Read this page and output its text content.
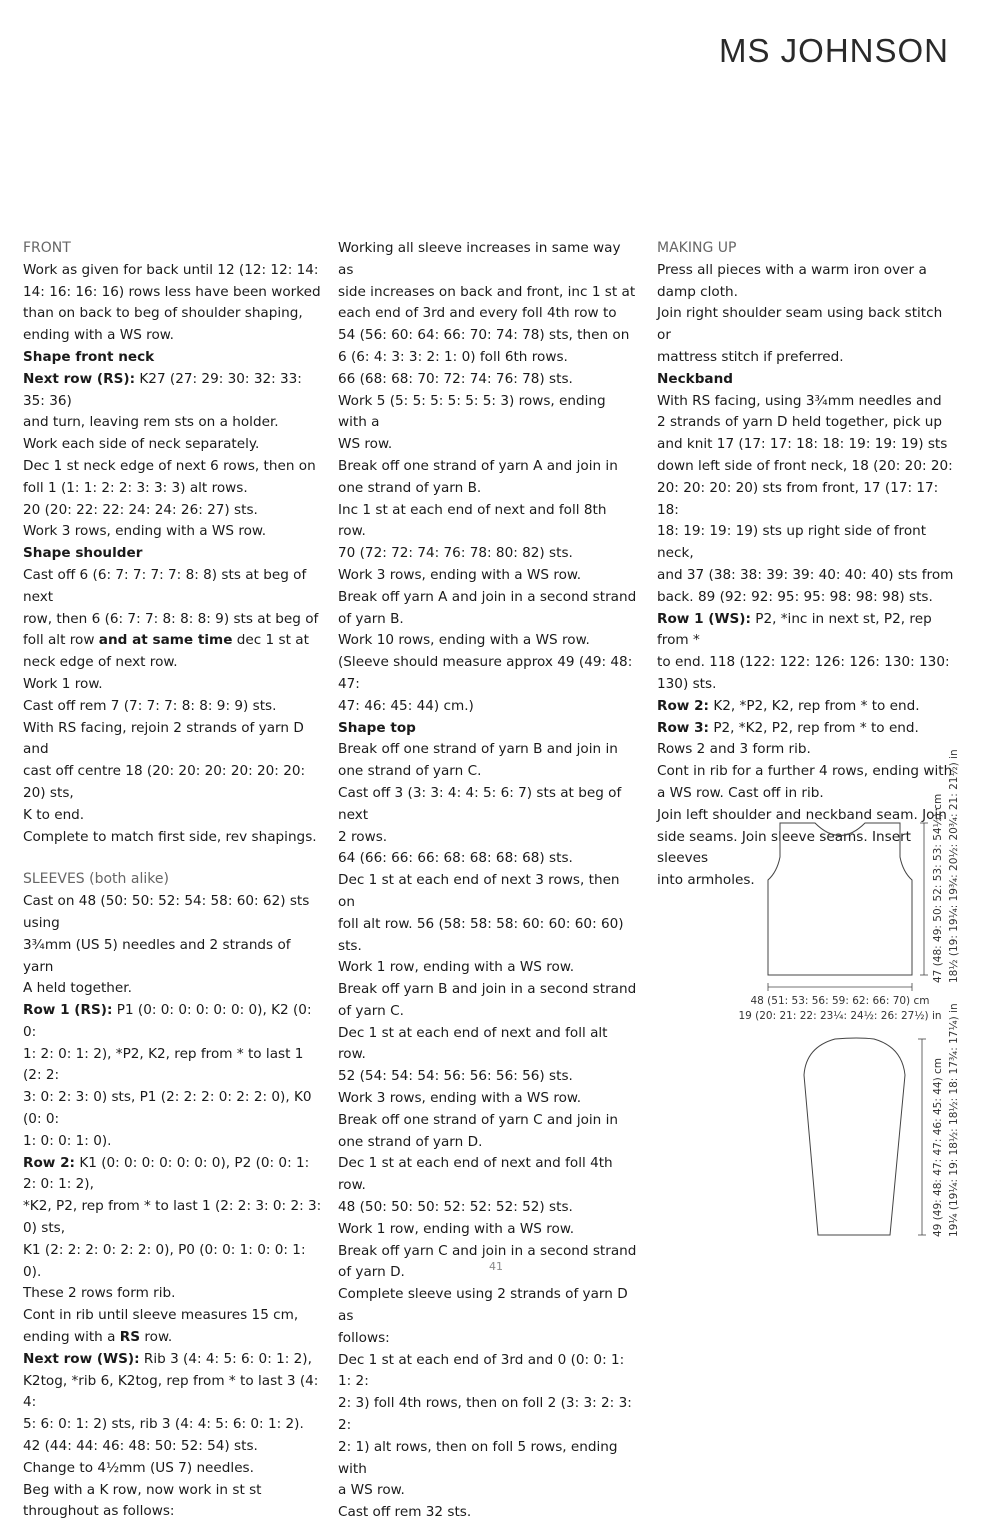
MS JOHNSON

FRONT

Work as given for back until 12 (12: 12: 14:

14: 16: 16: 16) rows less have been worked

than on back to beg of shoulder shaping,

ending with a WS row.

Shape front neck

Next row (RS): K27 (27: 29: 30: 32: 33: 35: 36)

and turn, leaving rem sts on a holder.

Work each side of neck separately.

Dec 1 st neck edge of next 6 rows, then on

foll 1 (1: 1: 2: 2: 3: 3: 3) alt rows.

20 (20: 22: 22: 24: 24: 26: 27) sts.

Work 3 rows, ending with a WS row.

Shape shoulder

Cast off 6 (6: 7: 7: 7: 7: 8: 8) sts at beg of next

row, then 6 (6: 7: 7: 8: 8: 8: 9) sts at beg of

foll alt row and at same time dec 1 st at

neck edge of next row.

Work 1 row.

Cast off rem 7 (7: 7: 7: 8: 8: 9: 9) sts.

With RS facing, rejoin 2 strands of yarn D and

cast off centre 18 (20: 20: 20: 20: 20: 20: 20) sts,

K to end.

Complete to match first side, rev shapings.

SLEEVES (both alike)

Cast on 48 (50: 50: 52: 54: 58: 60: 62) sts using

3¾mm (US 5) needles and 2 strands of yarn

A held together.

Row 1 (RS): P1 (0: 0: 0: 0: 0: 0: 0), K2 (0: 0:

1: 2: 0: 1: 2), *P2, K2, rep from * to last 1 (2: 2:

3: 0: 2: 3: 0) sts, P1 (2: 2: 2: 0: 2: 2: 0), K0 (0: 0:

1: 0: 0: 1: 0).

Row 2: K1 (0: 0: 0: 0: 0: 0: 0), P2 (0: 0: 1: 2: 0: 1: 2),

*K2, P2, rep from * to last 1 (2: 2: 3: 0: 2: 3: 0) sts,

K1 (2: 2: 2: 0: 2: 2: 0), P0 (0: 0: 1: 0: 0: 1: 0).

These 2 rows form rib.

Cont in rib until sleeve measures 15 cm,

ending with a RS row.

Next row (WS): Rib 3 (4: 4: 5: 6: 0: 1: 2),

K2tog, *rib 6, K2tog, rep from * to last 3 (4: 4:

5: 6: 0: 1: 2) sts, rib 3 (4: 4: 5: 6: 0: 1: 2).

42 (44: 44: 46: 48: 50: 52: 54) sts.

Change to 4½mm (US 7) needles.

Beg with a K row, now work in st st

throughout as follows:

Working all sleeve increases in same way as

side increases on back and front, inc 1 st at

each end of 3rd and every foll 4th row to

54 (56: 60: 64: 66: 70: 74: 78) sts, then on

6 (6: 4: 3: 3: 2: 1: 0) foll 6th rows.

66 (68: 68: 70: 72: 74: 76: 78) sts.

Work 5 (5: 5: 5: 5: 5: 5: 3) rows, ending with a

WS row.

Break off one strand of yarn A and join in

one strand of yarn B.

Inc 1 st at each end of next and foll 8th row.

70 (72: 72: 74: 76: 78: 80: 82) sts.

Work 3 rows, ending with a WS row.

Break off yarn A and join in a second strand

of yarn B.

Work 10 rows, ending with a WS row.

(Sleeve should measure approx 49 (49: 48: 47:

47: 46: 45: 44) cm.)

Shape top

Break off one strand of yarn B and join in

one strand of yarn C.

Cast off 3 (3: 3: 4: 4: 5: 6: 7) sts at beg of next

2 rows.

64 (66: 66: 66: 68: 68: 68: 68) sts.

Dec 1 st at each end of next 3 rows, then on

foll alt row. 56 (58: 58: 58: 60: 60: 60: 60) sts.

Work 1 row, ending with a WS row.

Break off yarn B and join in a second strand

of yarn C.

Dec 1 st at each end of next and foll alt row.

52 (54: 54: 54: 56: 56: 56: 56) sts.

Work 3 rows, ending with a WS row.

Break off one strand of yarn C and join in

one strand of yarn D.

Dec 1 st at each end of next and foll 4th row.

48 (50: 50: 50: 52: 52: 52: 52) sts.

Work 1 row, ending with a WS row.

Break off yarn C and join in a second strand

of yarn D.

Complete sleeve using 2 strands of yarn D as

follows:

Dec 1 st at each end of 3rd and 0 (0: 0: 1: 1: 2:

2: 3) foll 4th rows, then on foll 2 (3: 3: 2: 3: 2:

2: 1) alt rows, then on foll 5 rows, ending with

a WS row.

Cast off rem 32 sts.

MAKING UP

Press all pieces with a warm iron over a

damp cloth.

Join right shoulder seam using back stitch or

mattress stitch if preferred.

Neckband

With RS facing, using 3¾mm needles and

2 strands of yarn D held together, pick up

and knit 17 (17: 17: 18: 18: 19: 19: 19) sts

down left side of front neck, 18 (20: 20: 20:

20: 20: 20: 20) sts from front, 17 (17: 17: 18:

18: 19: 19: 19) sts up right side of front neck,

and 37 (38: 38: 39: 39: 40: 40: 40) sts from

back. 89 (92: 92: 95: 95: 98: 98: 98) sts.

Row 1 (WS): P2, *inc in next st, P2, rep from *

to end. 118 (122: 122: 126: 126: 130: 130: 130) sts.

Row 2: K2, *P2, K2, rep from * to end.

Row 3: P2, *K2, P2, rep from * to end.

Rows 2 and 3 form rib.

Cont in rib for a further 4 rows, ending with

a WS row. Cast off in rib.

Join left shoulder and neckband seam. Join

side seams. Join sleeve seams. Insert sleeves

into armholes.	47 (48: 49: 50: 52: 53: 53: 54½) cm 18½ (19: 19¼: 19¾: 20½: 20¾: 21: 21½) in
48 (51: 53: 56: 59: 62: 66: 70) cm
19 (20: 21: 22: 23¼: 24½: 26: 27½) in
49 (49: 48: 47: 47: 46: 45: 44) cm 19¼ (19¼: 19: 18½: 18½: 18: 17¾: 17¼) in
41
